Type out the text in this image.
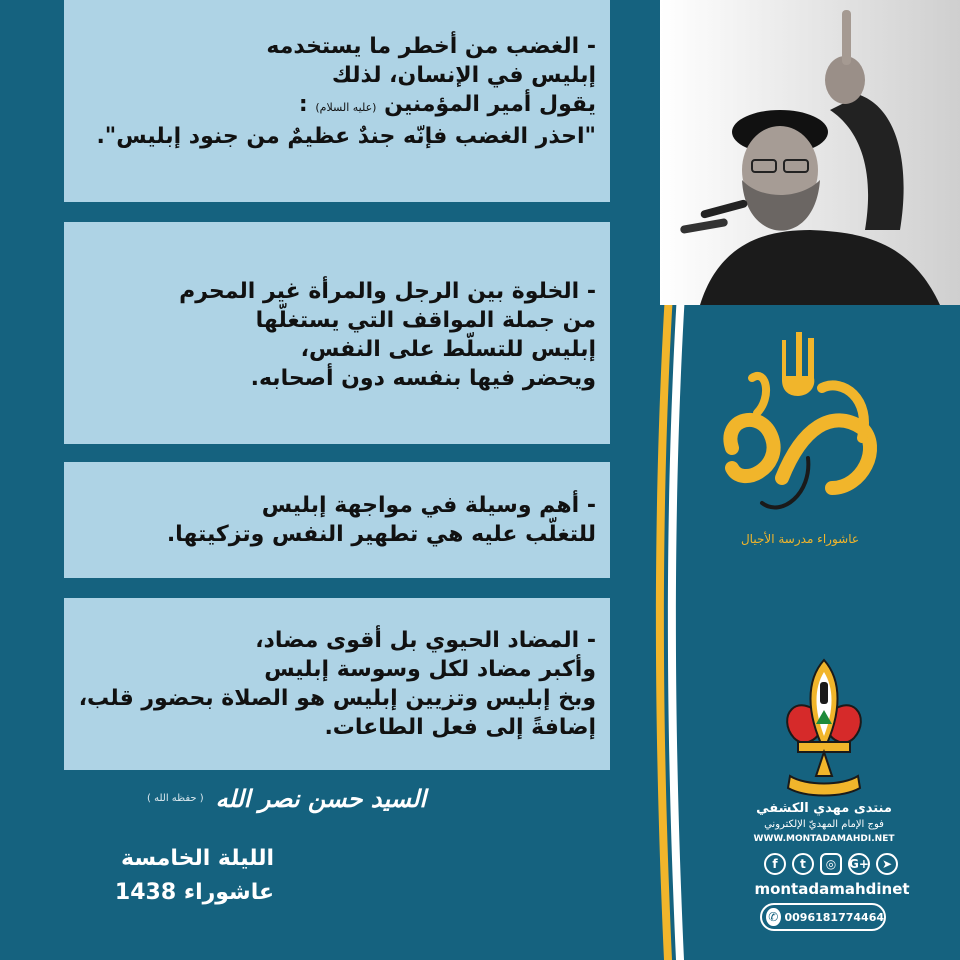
- الغضب من أخطر ما يستخدمه
إبليس في الإنسان، لذلك
يقول أمير المؤمنين (عليه السلام) :
"احذر الغضب فإنّه جندٌ عظيمٌ من جنود إبليس".
- الخلوة بين الرجل والمرأة غير المحرم
من جملة المواقف التي يستغلّها
إبليس للتسلّط على النفس،
ويحضر فيها بنفسه دون أصحابه.
- أهم وسيلة في مواجهة إبليس
للتغلّب عليه هي تطهير النفس وتزكيتها.
- المضاد الحيوي بل أقوى مضاد،
وأكبر مضاد لكل وسوسة إبليس
وبخ إبليس وتزيين إبليس هو الصلاة بحضور قلب،
إضافةً إلى فعل الطاعات.
السيد حسن نصر الله
( حفظه الله )
الليلة الخامسة
عاشوراء 1438
عاشوراء مدرسة الأجيال
منتدى مهدي الكشفي
فوج الإمام المهديّ الإلكتروني
WWW.MONTADAMAHDI.NET
f	t	◎	G+	➤
montadamahdinet
✆ 0096181774464
